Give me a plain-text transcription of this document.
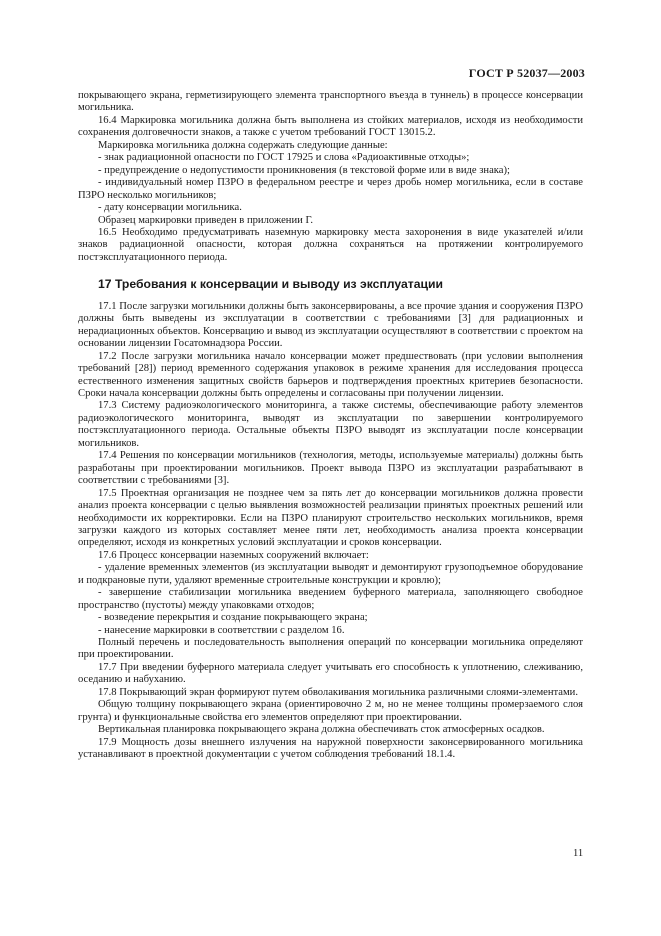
ГОСТ Р 52037—2003

покрывающего экрана, герметизирующего элемента транспортного въезда в туннель) в процессе консервации могильника.

16.4 Маркировка могильника должна быть выполнена из стойких материалов, исходя из необходимости сохранения долговечности знаков, а также с учетом требований ГОСТ 13015.2.

Маркировка могильника должна содержать следующие данные:

- знак радиационной опасности по ГОСТ 17925 и слова «Радиоактивные отходы»;

- предупреждение о недопустимости проникновения (в текстовой форме или в виде знака);

- индивидуальный номер ПЗРО в федеральном реестре и через дробь номер могильника, если в составе ПЗРО несколько могильников;

- дату консервации могильника.

Образец маркировки приведен в приложении Г.

16.5 Необходимо предусматривать наземную маркировку места захоронения в виде указателей и/или знаков радиационной опасности, которая должна сохраняться на протяжении контролируемого постэксплуатационного периода.

17 Требования к консервации и выводу из эксплуатации

17.1 После загрузки могильники должны быть законсервированы, а все прочие здания и сооружения ПЗРО должны быть выведены из эксплуатации в соответствии с требованиями [3] для радиационных и нерадиационных объектов. Консервацию и вывод из эксплуатации осуществляют в соответствии с проектом на основании лицензии Госатомнадзора России.

17.2 После загрузки могильника начало консервации может предшествовать (при условии выполнения требований [28]) период временного содержания упаковок в режиме хранения для исследования процесса естественного изменения защитных свойств барьеров и подтверждения проектных критериев безопасности. Сроки начала консервации должны быть определены и согласованы при получении лицензии.

17.3 Систему радиоэкологического мониторинга, а также системы, обеспечивающие работу элементов радиоэкологического мониторинга, выводят из эксплуатации по завершении контролируемого постэксплуатационного периода. Остальные объекты ПЗРО выводят из эксплуатации после консервации могильников.

17.4 Решения по консервации могильников (технология, методы, используемые материалы) должны быть разработаны при проектировании могильников. Проект вывода ПЗРО из эксплуатации разрабатывают в соответствии с требованиями [3].

17.5 Проектная организация не позднее чем за пять лет до консервации могильников должна провести анализ проекта консервации с целью выявления возможностей реализации принятых проектных решений или необходимости их корректировки. Если на ПЗРО планируют строительство нескольких могильников, время загрузки каждого из которых составляет менее пяти лет, необходимость анализа проекта консервации определяют, исходя из конкретных условий эксплуатации и сроков консервации.

17.6 Процесс консервации наземных сооружений включает:

- удаление временных элементов (из эксплуатации выводят и демонтируют грузоподъемное оборудование и подкрановые пути, удаляют временные строительные конструкции и кровлю);

- завершение стабилизации могильника введением буферного материала, заполняющего свободное пространство (пустоты) между упаковками отходов;

- возведение перекрытия и создание покрывающего экрана;

- нанесение маркировки в соответствии с разделом 16.

Полный перечень и последовательность выполнения операций по консервации могильника определяют при проектировании.

17.7 При введении буферного материала следует учитывать его способность к уплотнению, слеживанию, оседанию и набуханию.

17.8 Покрывающий экран формируют путем обволакивания могильника различными слоями-элементами.

Общую толщину покрывающего экрана (ориентировочно 2 м, но не менее толщины промерзаемого слоя грунта) и функциональные свойства его элементов определяют при проектировании.

Вертикальная планировка покрывающего экрана должна обеспечивать сток атмосферных осадков.

17.9 Мощность дозы внешнего излучения на наружной поверхности законсервированного могильника устанавливают в проектной документации с учетом соблюдения требований 18.1.4.

11
